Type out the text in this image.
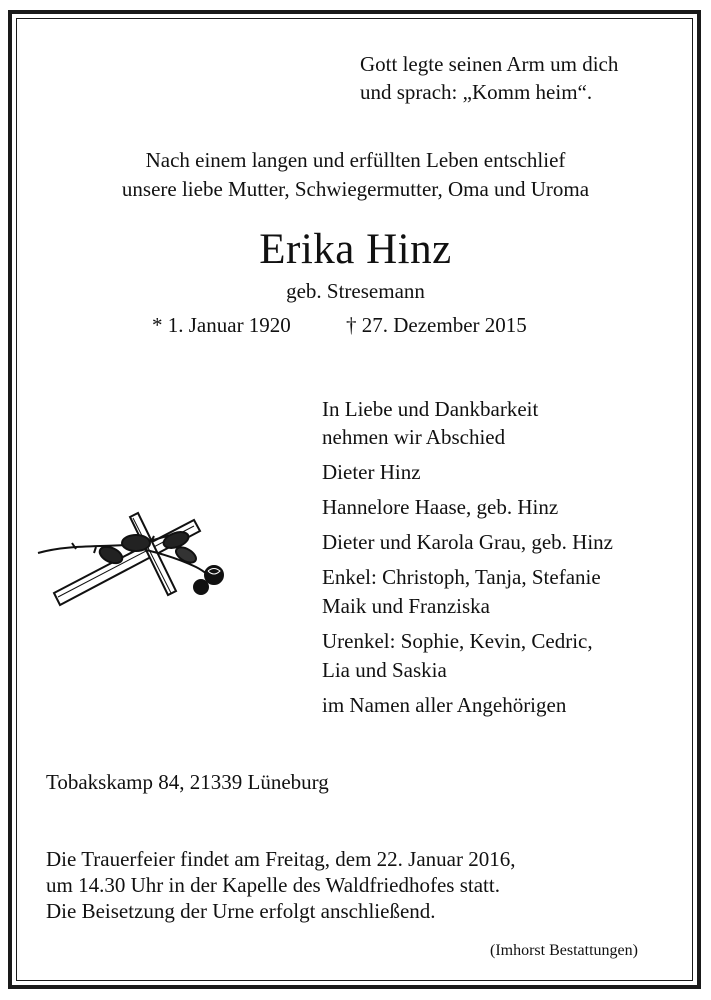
Gott legte seinen Arm um dich
und sprach: „Komm heim“.
Nach einem langen und erfüllten Leben entschlief
unsere liebe Mutter, Schwiegermutter, Oma und Uroma
Erika Hinz
geb. Stresemann
* 1. Januar 1920	† 27. Dezember 2015
In Liebe und Dankbarkeit
nehmen wir Abschied
Dieter Hinz
Hannelore Haase, geb. Hinz
Dieter und Karola Grau, geb. Hinz
Enkel: Christoph, Tanja, Stefanie
Maik und Franziska
Urenkel: Sophie, Kevin, Cedric,
Lia und Saskia
im Namen aller Angehörigen
Tobakskamp 84, 21339 Lüneburg
Die Trauerfeier findet am Freitag, dem 22. Januar 2016,
um 14.30 Uhr in der Kapelle des Waldfriedhofes statt.
Die Beisetzung der Urne erfolgt anschließend.
(Imhorst Bestattungen)
